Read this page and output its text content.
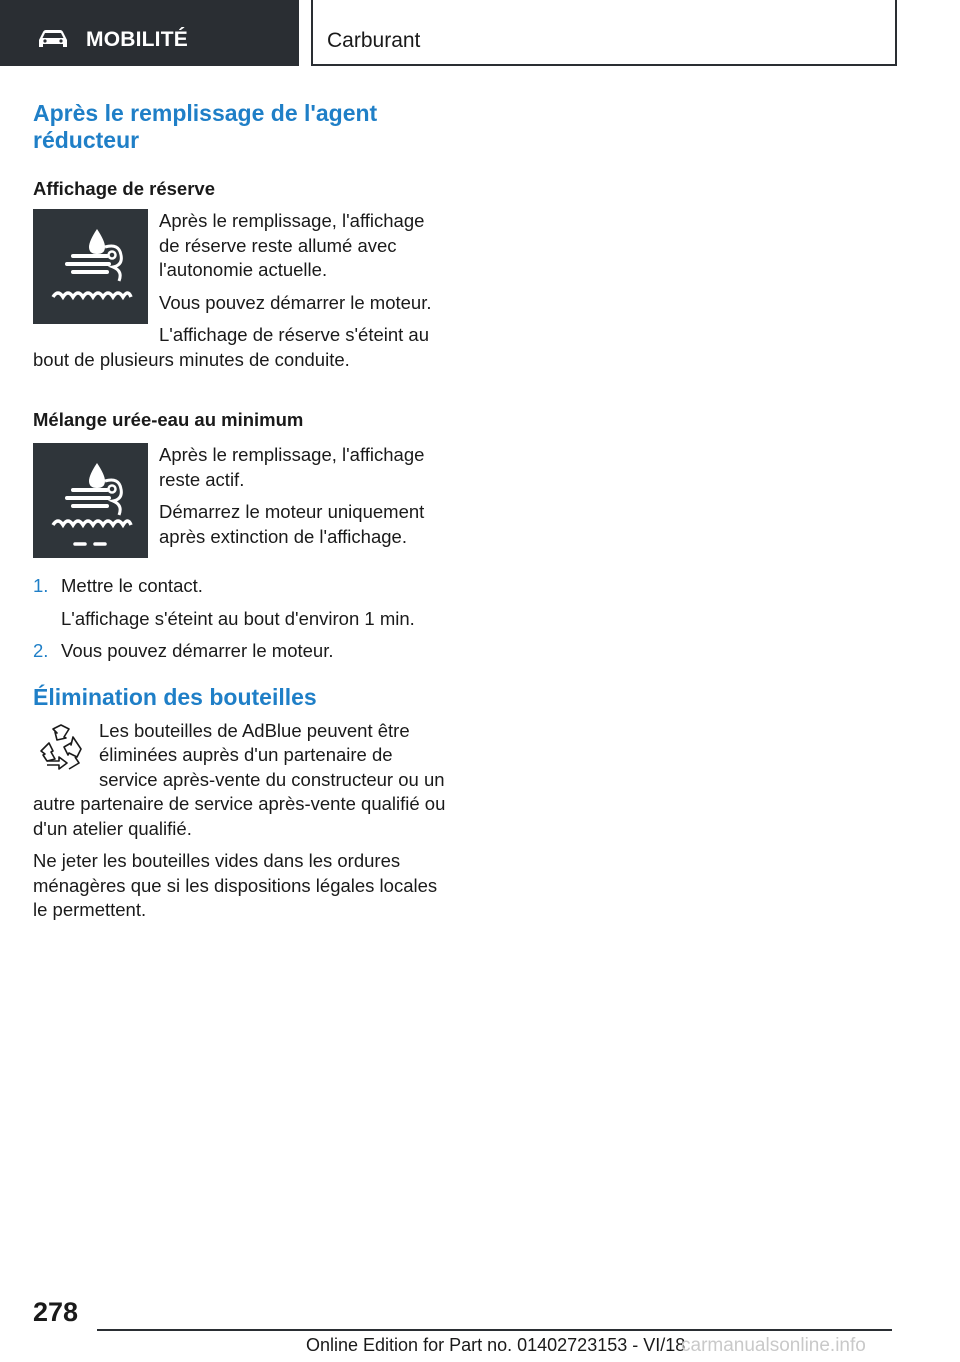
MOBILITÉ	Carburant
Après le remplissage de l'agent réducteur
Affichage de réserve

Après le remplissage, l'affichage de réserve reste allumé avec l'autonomie actuelle.

Vous pouvez démarrer le moteur.

L'affichage de réserve s'éteint au bout de plusieurs minutes de conduite.

Mélange urée-eau au minimum

Après le remplissage, l'affichage reste actif.

Démarrez le moteur uniquement après extinction de l'affichage.

1. Mettre le contact.

L'affichage s'éteint au bout d'environ 1 min.

2. Vous pouvez démarrer le moteur.

Élimination des bouteilles

Les bouteilles de AdBlue peuvent être éliminées auprès d'un partenaire de service après-vente du constructeur ou un autre partenaire de service après-vente qualifié ou d'un atelier qualifié.

Ne jeter les bouteilles vides dans les ordures ménagères que si les dispositions légales locales le permettent.

278
Online Edition for Part no. 01402723153 - VI/18
carmanualsonline.info
